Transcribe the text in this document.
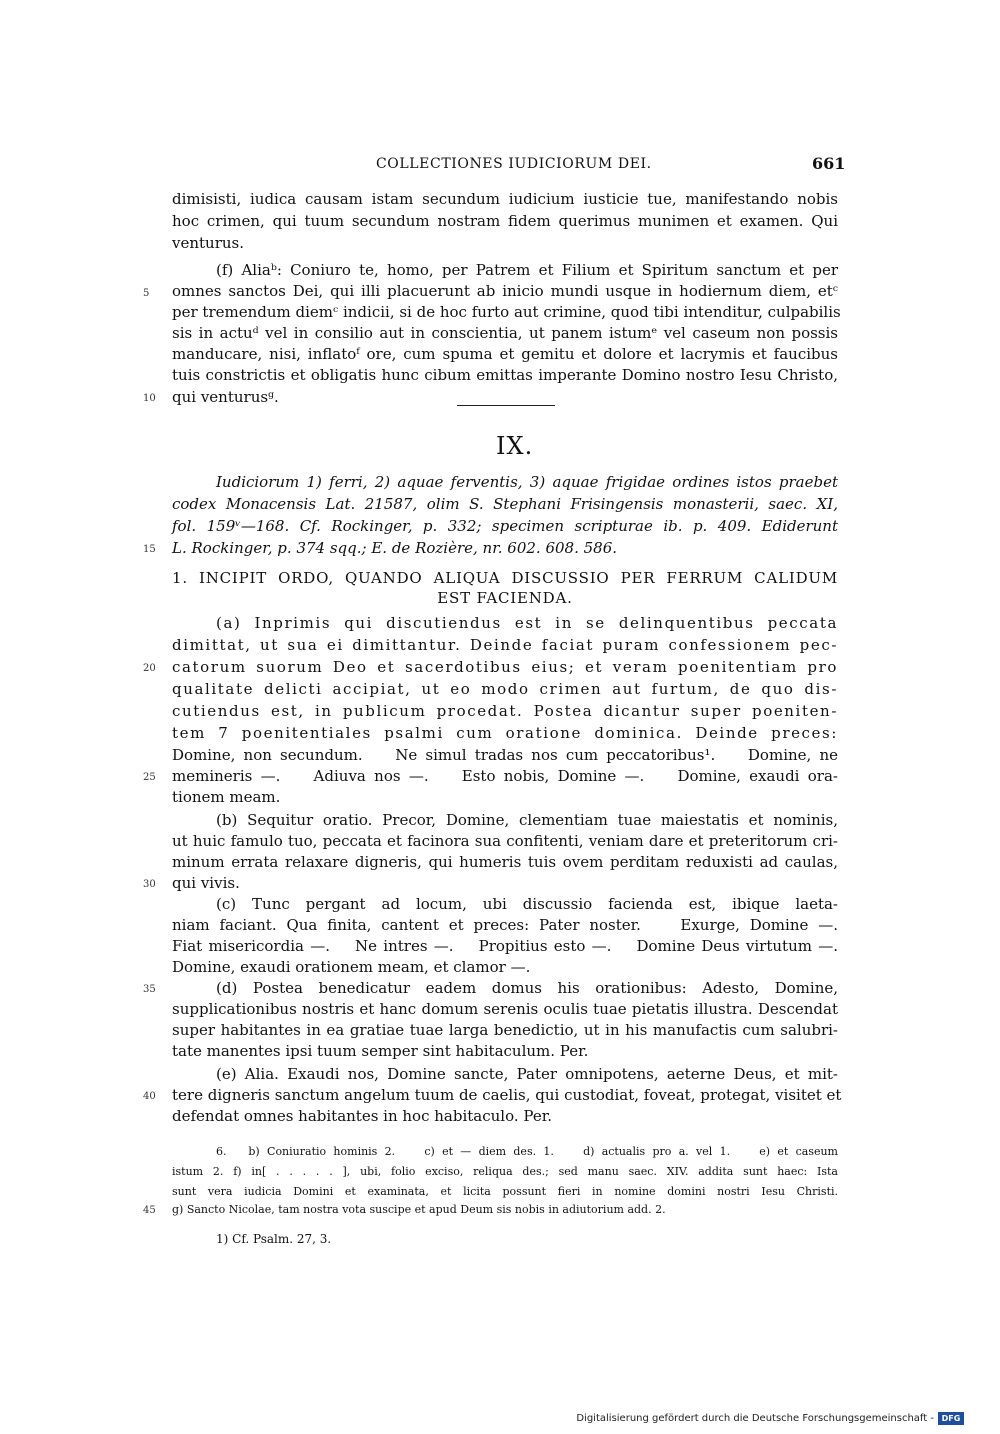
COLLECTIONES IUDICIORUM DEI.	661
dimisisti, iudica causam istam secundum iudicium iusticie tue, manifestando nobis
hoc crimen, qui tuum secundum nostram fidem querimus munimen et examen. Qui
venturus.
(f) Aliaᵇ: Coniuro te, homo, per Patrem et Filium et Spiritum sanctum et per
omnes sanctos Dei, qui illi placuerunt ab inicio mundi usque in hodiernum diem, etᶜ
per tremendum diemᶜ indicii, si de hoc furto aut crimine, quod tibi intenditur, culpabilis
sis in actuᵈ vel in consilio aut in conscientia, ut panem istumᵉ vel caseum non possis
manducare, nisi, inflatoᶠ ore, cum spuma et gemitu et dolore et lacrymis et faucibus
tuis constrictis et obligatis hunc cibum emittas imperante Domino nostro Iesu Christo,
qui venturusᵍ.
5
10
IX.
Iudiciorum 1) ferri, 2) aquae ferventis, 3) aquae frigidae ordines istos praebet
codex Monacensis Lat. 21587, olim S. Stephani Frisingensis monasterii, saec. XI,
fol. 159ᵛ—168. Cf. Rockinger, p. 332; specimen scripturae ib. p. 409. Ediderunt
L. Rockinger, p. 374 sqq.; E. de Rozière, nr. 602. 608. 586.
15
1. INCIPIT ORDO, QUANDO ALIQUA DISCUSSIO PER FERRUM CALIDUM
EST FACIENDA.
(a) Inprimis qui discutiendus est in se delinquentibus peccata
dimittat, ut sua ei dimittantur. Deinde faciat puram confessionem pec-
catorum suorum Deo et sacerdotibus eius; et veram poenitentiam pro
qualitate delicti accipiat, ut eo modo crimen aut furtum, de quo dis-
cutiendus est, in publicum procedat. Postea dicantur super poeniten-
tem 7 poenitentiales psalmi cum oratione dominica. Deinde preces:
Domine, non secundum.    Ne simul tradas nos cum peccatoribus¹.    Domine, ne
memineris —.    Adiuva nos —.    Esto nobis, Domine —.    Domine, exaudi ora-
tionem meam.
20
25
(b) Sequitur oratio. Precor, Domine, clementiam tuae maiestatis et nominis,
ut huic famulo tuo, peccata et facinora sua confitenti, veniam dare et preteritorum cri-
minum errata relaxare digneris, qui humeris tuis ovem perditam reduxisti ad caulas,
qui vivis.
30
(c) Tunc pergant ad locum, ubi discussio facienda est, ibique laeta-
niam faciant. Qua finita, cantent et preces: Pater noster.    Exurge, Domine —.
Fiat misericordia —.    Ne intres —.    Propitius esto —.    Domine Deus virtutum —.
Domine, exaudi orationem meam, et clamor —.
(d) Postea benedicatur eadem domus his orationibus: Adesto, Domine,
supplicationibus nostris et hanc domum serenis oculis tuae pietatis illustra. Descendat
super habitantes in ea gratiae tuae larga benedictio, ut in his manufactis cum salubri-
tate manentes ipsi tuum semper sint habitaculum. Per.
35
(e) Alia. Exaudi nos, Domine sancte, Pater omnipotens, aeterne Deus, et mit-
tere digneris sanctum angelum tuum de caelis, qui custodiat, foveat, protegat, visitet et
defendat omnes habitantes in hoc habitaculo. Per.
40
6.   b) Coniuratio hominis 2.    c) et — diem des. 1.    d) actualis pro a. vel 1.    e) et caseum
istum 2. f) in[ . . . . . ], ubi, folio exciso, reliqua des.; sed manu saec. XIV. addita sunt haec: Ista
sunt vera iudicia Domini et examinata, et licita possunt fieri in nomine domini nostri Iesu Christi.
g) Sancto Nicolae, tam nostra vota suscipe et apud Deum sis nobis in adiutorium add. 2.
45
1) Cf. Psalm. 27, 3.
Digitalisierung gefördert durch die Deutsche Forschungsgemeinschaft - DFG
